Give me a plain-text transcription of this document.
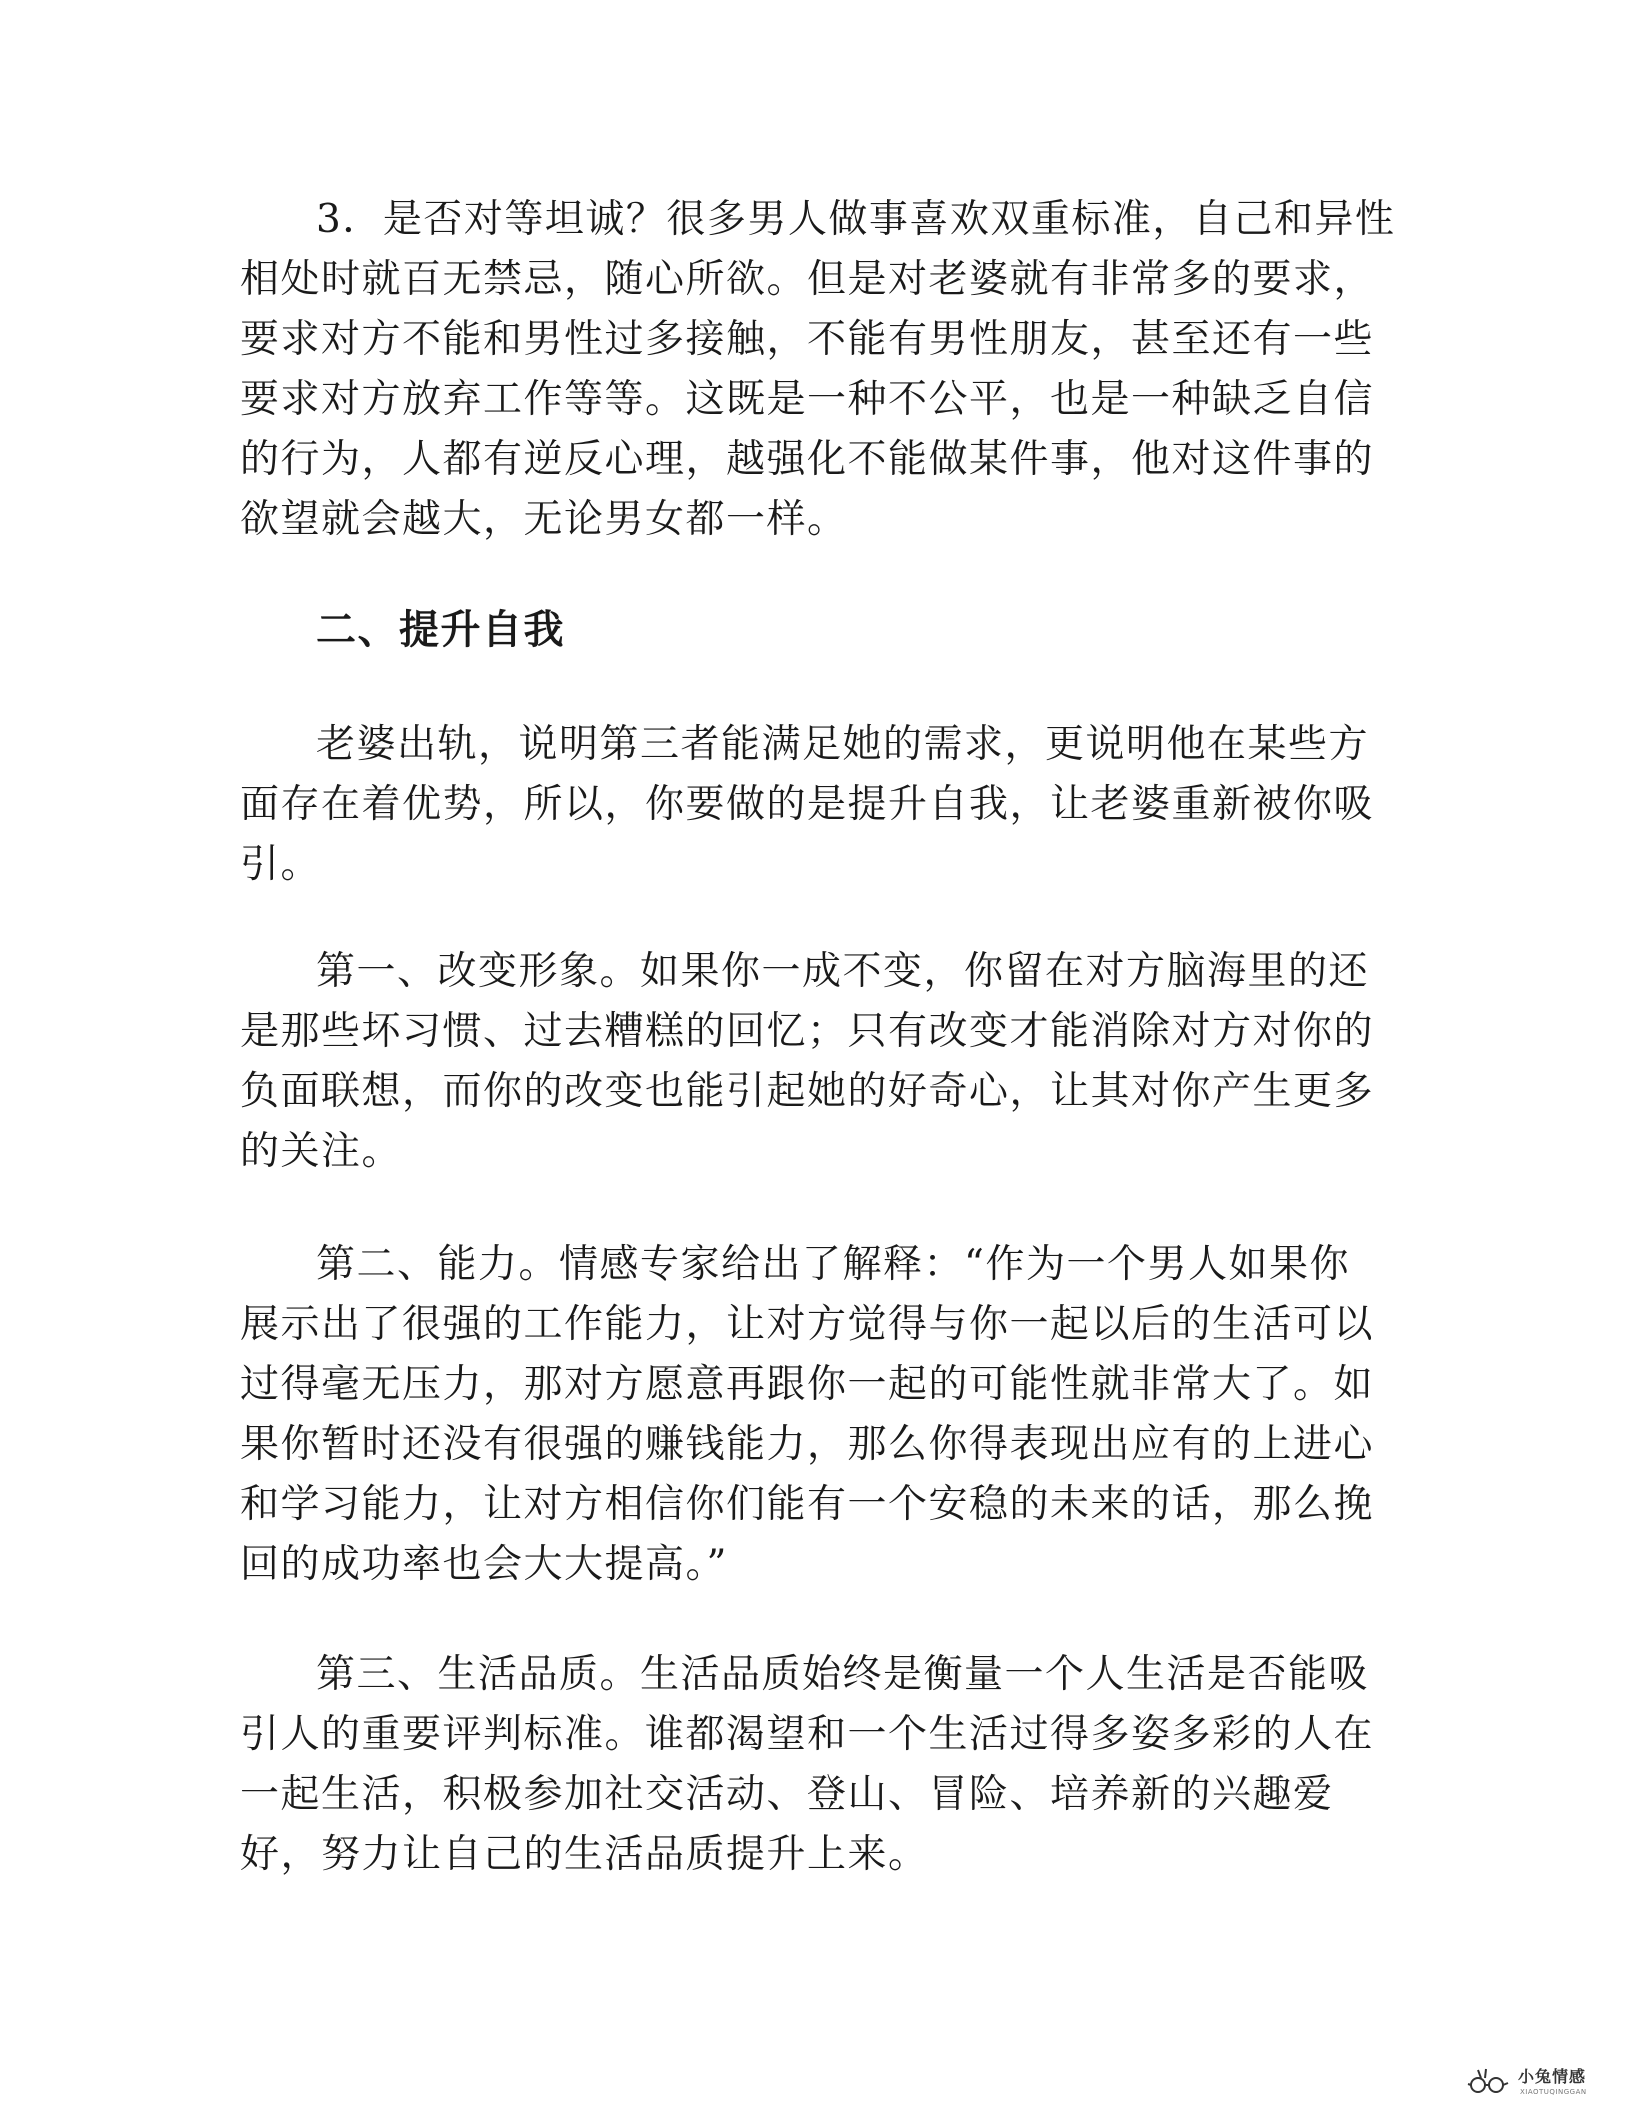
3．是否对等坦诚？很多男人做事喜欢双重标准，自己和异性
相处时就百无禁忌，随心所欲。但是对老婆就有非常多的要求，
要求对方不能和男性过多接触，不能有男性朋友，甚至还有一些
要求对方放弃工作等等。这既是一种不公平，也是一种缺乏自信
的行为，人都有逆反心理，越强化不能做某件事，他对这件事的
欲望就会越大，无论男女都一样。
二、提升自我
老婆出轨，说明第三者能满足她的需求，更说明他在某些方
面存在着优势，所以，你要做的是提升自我，让老婆重新被你吸
引。
第一、改变形象。如果你一成不变，你留在对方脑海里的还
是那些坏习惯、过去糟糕的回忆；只有改变才能消除对方对你的
负面联想，而你的改变也能引起她的好奇心，让其对你产生更多
的关注。
第二、能力。情感专家给出了解释：“作为一个男人如果你
展示出了很强的工作能力，让对方觉得与你一起以后的生活可以
过得毫无压力，那对方愿意再跟你一起的可能性就非常大了。如
果你暂时还没有很强的赚钱能力，那么你得表现出应有的上进心
和学习能力，让对方相信你们能有一个安稳的未来的话，那么挽
回的成功率也会大大提高。”
第三、生活品质。生活品质始终是衡量一个人生活是否能吸
引人的重要评判标准。谁都渴望和一个生活过得多姿多彩的人在
一起生活，积极参加社交活动、登山、冒险、培养新的兴趣爱
好，努力让自己的生活品质提升上来。
小兔情感
XIAOTUQINGGAN
